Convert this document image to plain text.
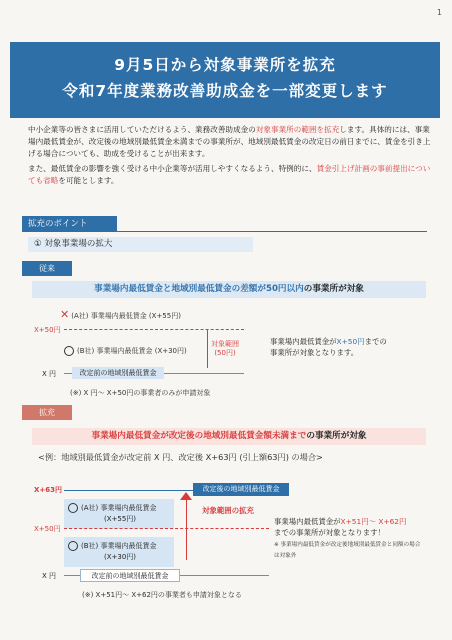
1
9月5日から対象事業所を拡充
令和7年度業務改善助成金を一部変更します

中小企業等の皆さまに活用していただけるよう、業務改善助成金の対象事業所の範囲を拡充します。具体的には、事業場内最低賃金が、改定後の地域別最低賃金未満までの事業所が、地域別最低賃金の改定日の前日までに、賃金を引き上げる場合についても、助成を受けることが出来ます。

また、最低賃金の影響を強く受ける中小企業等が活用しやすくなるよう、特例的に、賃金引上げ計画の事前提出についても省略を可能とします。

拡充のポイント
① 対象事業場の拡大
従来
事業場内最低賃金と地域別最低賃金の差額が50円以内の事業所が対象
✕ (A社) 事業場内最低賃金 (X+55円)
X+50円
対象範囲
(50円)
(B社) 事業場内最低賃金 (X+30円)
X 円	改定前の地域別最低賃金
事業場内最低賃金がX+50円までの
事業所が対象となります。
(※) X 円～ X+50円の事業者のみが申請対象
拡充
事業場内最低賃金が改定後の地域別最低賃金額未満までの事業所が対象
<例：地域別最低賃金が改定前 X 円、改定後 X+63円 (引上額63円) の場合>
X+63円	改定後の地域別最低賃金
対象範囲の拡充
(A社) 事業場内最低賃金
(X+55円)
X+50円
(B社) 事業場内最低賃金
(X+30円)
X 円	改定前の地域別最低賃金
事業場内最低賃金がX+51円～ X+62円
までの事業所が対象となります！
※ 事業場内最低賃金が改定後地域別最低賃金と同額の場合
は対象外
(※) X+51円～ X+62円の事業者も申請対象となる
